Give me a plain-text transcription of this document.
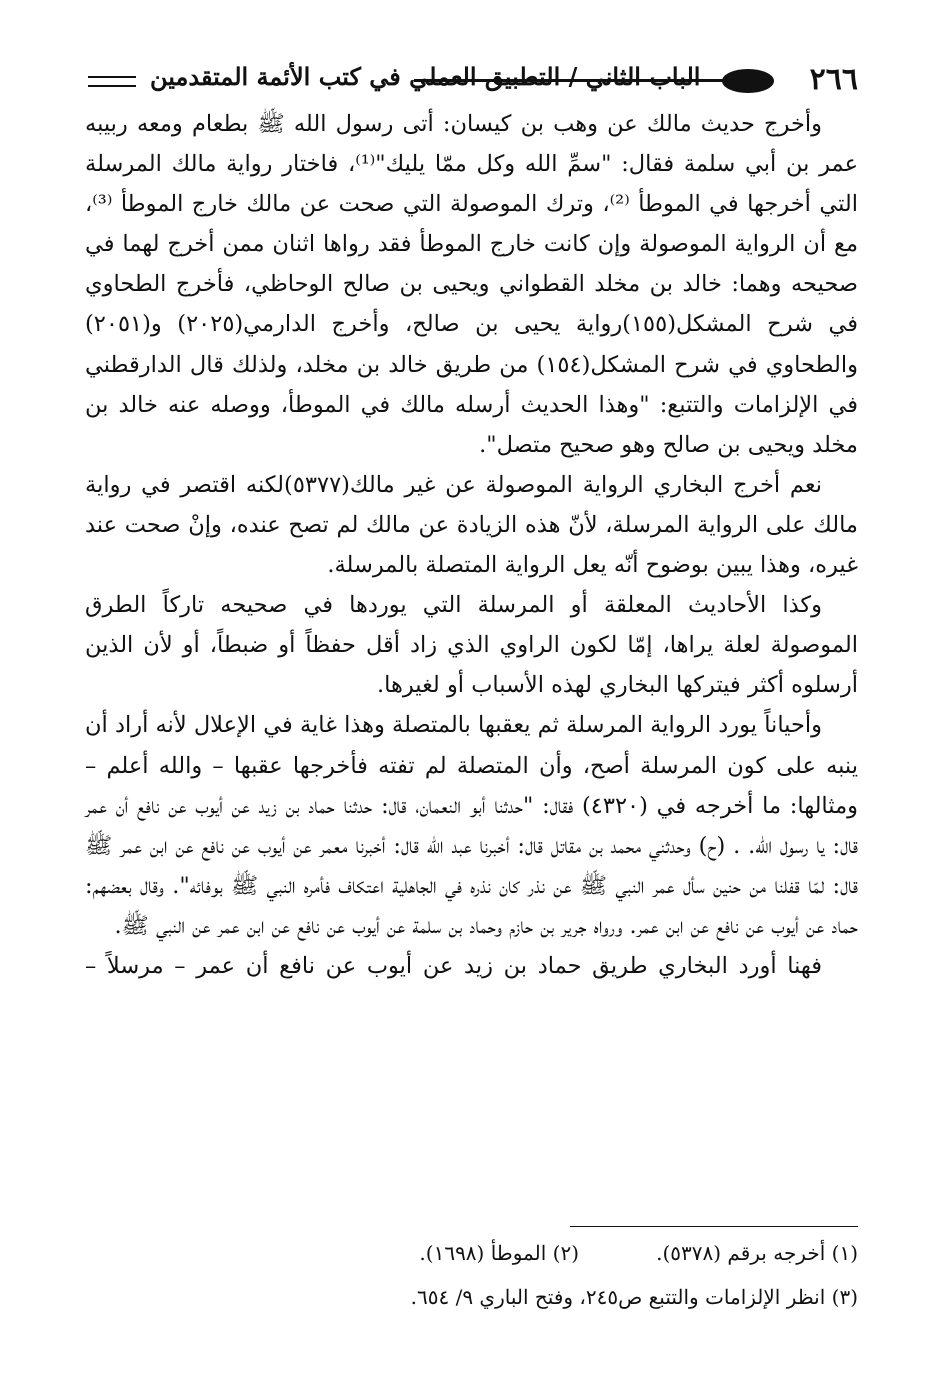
٢٦٦
الباب الثاني / التطبيق العملي في كتب الأئمة المتقدمين

وأخرج حديث مالك عن وهب بن كيسان: أتى رسول الله ﷺ بطعام ومعه ربيبه عمر بن أبي سلمة فقال: "سمِّ الله وكل ممّا يليك"⁽¹⁾، فاختار رواية مالك المرسلة التي أخرجها في الموطأ ⁽²⁾، وترك الموصولة التي صحت عن مالك خارج الموطأ ⁽³⁾، مع أن الرواية الموصولة وإن كانت خارج الموطأ فقد رواها اثنان ممن أخرج لهما في صحيحه وهما: خالد بن مخلد القطواني ويحيى بن صالح الوحاظي، فأخرج الطحاوي في شرح المشكل(١٥٥)رواية يحيى بن صالح، وأخرج الدارمي(٢٠٢٥) و(٢٠٥١) والطحاوي في شرح المشكل(١٥٤) من طريق خالد بن مخلد، ولذلك قال الدارقطني في الإلزامات والتتبع: "وهذا الحديث أرسله مالك في الموطأ، ووصله عنه خالد بن مخلد ويحيى بن صالح وهو صحيح متصل".

نعم أخرج البخاري الرواية الموصولة عن غير مالك(٥٣٧٧)لكنه اقتصر في رواية مالك على الرواية المرسلة، لأنّ هذه الزيادة عن مالك لم تصح عنده، وإنْ صحت عند غيره، وهذا يبين بوضوح أنّه يعل الرواية المتصلة بالمرسلة.

وكذا الأحاديث المعلقة أو المرسلة التي يوردها في صحيحه تاركاً الطرق الموصولة لعلة يراها، إمّا لكون الراوي الذي زاد أقل حفظاً أو ضبطاً، أو لأن الذين أرسلوه أكثر فيتركها البخاري لهذه الأسباب أو لغيرها.

وأحياناً يورد الرواية المرسلة ثم يعقبها بالمتصلة وهذا غاية في الإعلال لأنه أراد أن ينبه على كون المرسلة أصح، وأن المتصلة لم تفته فأخرجها عقبها – والله أعلم – ومثالها: ما أخرجه في (٤٣٢٠) فقال: "حدثنا أبو النعمان، قال: حدثنا حماد بن زيد عن أيوب عن نافع أن عمر قال: يا رسول الله. . (ح) وحدثني محمد بن مقاتل قال: أخبرنا عبد الله قال: أخبرنا معمر عن أيوب عن نافع عن ابن عمر ﷺ قال: لمّا قفلنا من حنين سأل عمر النبي ﷺ عن نذر كان نذره في الجاهلية اعتكاف فأمره النبي ﷺ بوفائه". وقال بعضهم: حماد عن أيوب عن نافع عن ابن عمر. ورواه جرير بن حازم وحماد بن سلمة عن أيوب عن نافع عن ابن عمر عن النبي ﷺ.

فهنا أورد البخاري طريق حماد بن زيد عن أيوب عن نافع أن عمر – مرسلاً –

(١) أخرجه برقم (٥٣٧٨).
(٢) الموطأ (١٦٩٨).
(٣) انظر الإلزامات والتتبع ص٢٤٥، وفتح الباري ٩/ ٦٥٤.
